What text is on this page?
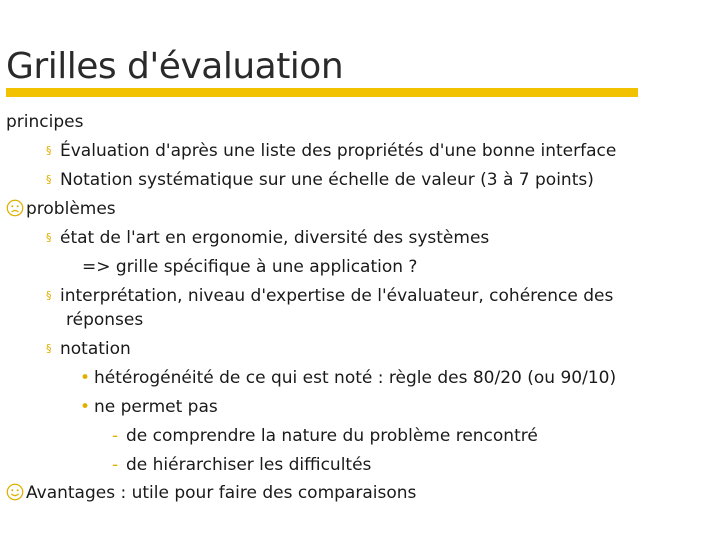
Grilles d'évaluation
principes
§ Évaluation d'après une liste des propriétés d'une bonne interface
§ Notation systématique sur une échelle de valeur (3 à 7 points)
problèmes
§ état de l'art en ergonomie, diversité des systèmes
=> grille spécifique à une application ?
§ interprétation, niveau d'expertise de l'évaluateur, cohérence des
réponses
§ notation
• hétérogénéité de ce qui est noté : règle des 80/20 (ou 90/10)
• ne permet pas
- de comprendre la nature du problème rencontré
- de hiérarchiser les difficultés
Avantages : utile pour faire des comparaisons
